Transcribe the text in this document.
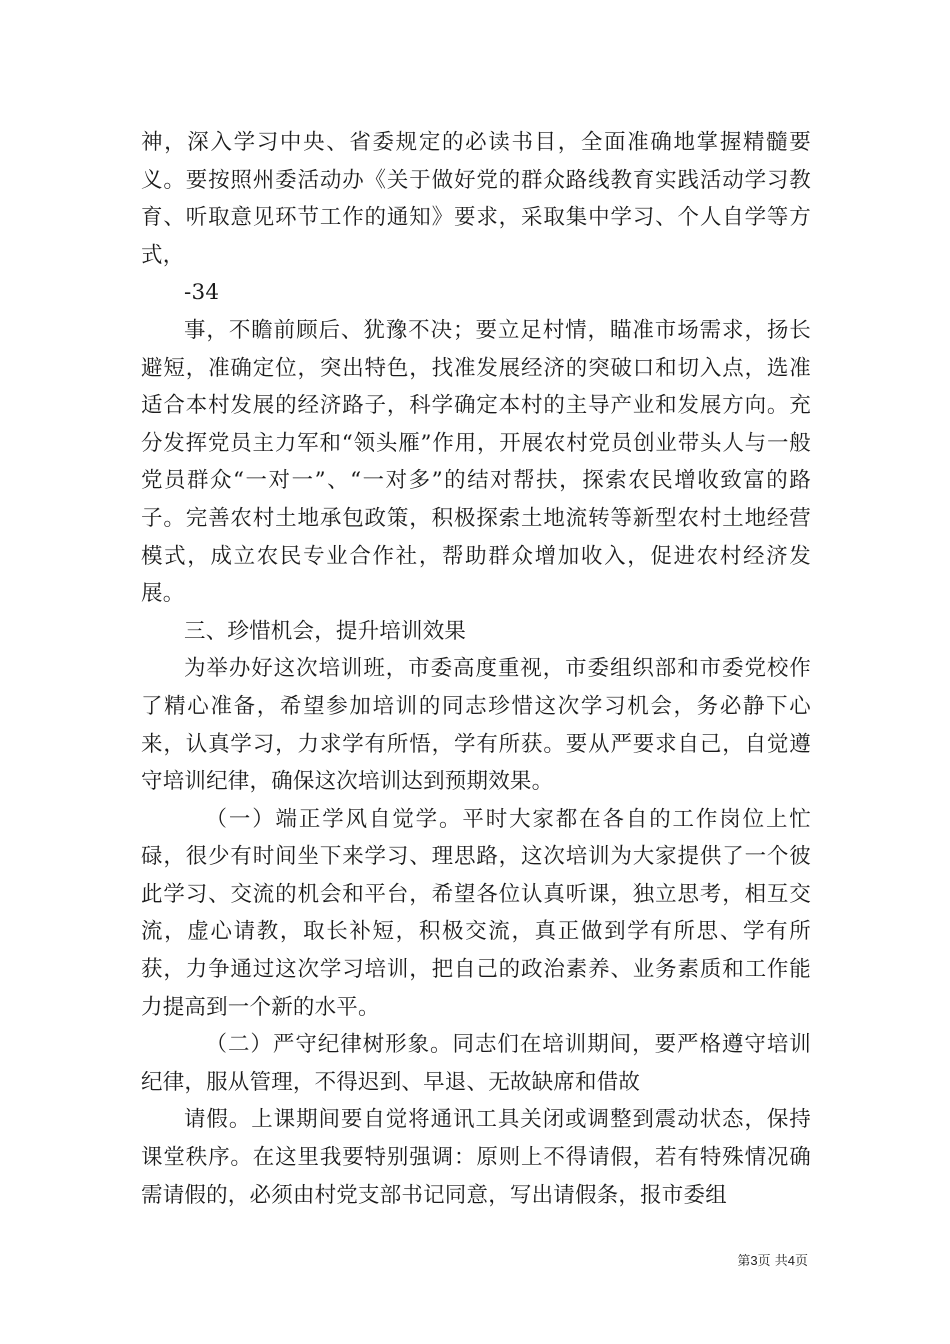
神，深入学习中央、省委规定的必读书目，全面准确地掌握精髓要义。要按照州委活动办《关于做好党的群众路线教育实践活动学习教育、听取意见环节工作的通知》要求，采取集中学习、个人自学等方式，

-34

事，不瞻前顾后、犹豫不决；要立足村情，瞄准市场需求，扬长避短，准确定位，突出特色，找准发展经济的突破口和切入点，选准适合本村发展的经济路子，科学确定本村的主导产业和发展方向。充分发挥党员主力军和“领头雁”作用，开展农村党员创业带头人与一般党员群众“一对一”、“一对多”的结对帮扶，探索农民增收致富的路子。完善农村土地承包政策，积极探索土地流转等新型农村土地经营模式，成立农民专业合作社，帮助群众增加收入，促进农村经济发展。

三、珍惜机会，提升培训效果

为举办好这次培训班，市委高度重视，市委组织部和市委党校作了精心准备，希望参加培训的同志珍惜这次学习机会，务必静下心来，认真学习，力求学有所悟，学有所获。要从严要求自己，自觉遵守培训纪律，确保这次培训达到预期效果。

（一）端正学风自觉学。平时大家都在各自的工作岗位上忙碌，很少有时间坐下来学习、理思路，这次培训为大家提供了一个彼此学习、交流的机会和平台，希望各位认真听课，独立思考，相互交流，虚心请教，取长补短，积极交流，真正做到学有所思、学有所获，力争通过这次学习培训，把自己的政治素养、业务素质和工作能力提高到一个新的水平。

（二）严守纪律树形象。同志们在培训期间，要严格遵守培训纪律，服从管理，不得迟到、早退、无故缺席和借故

请假。上课期间要自觉将通讯工具关闭或调整到震动状态，保持课堂秩序。在这里我要特别强调：原则上不得请假，若有特殊情况确需请假的，必须由村党支部书记同意，写出请假条，报市委组

第3页 共4页
